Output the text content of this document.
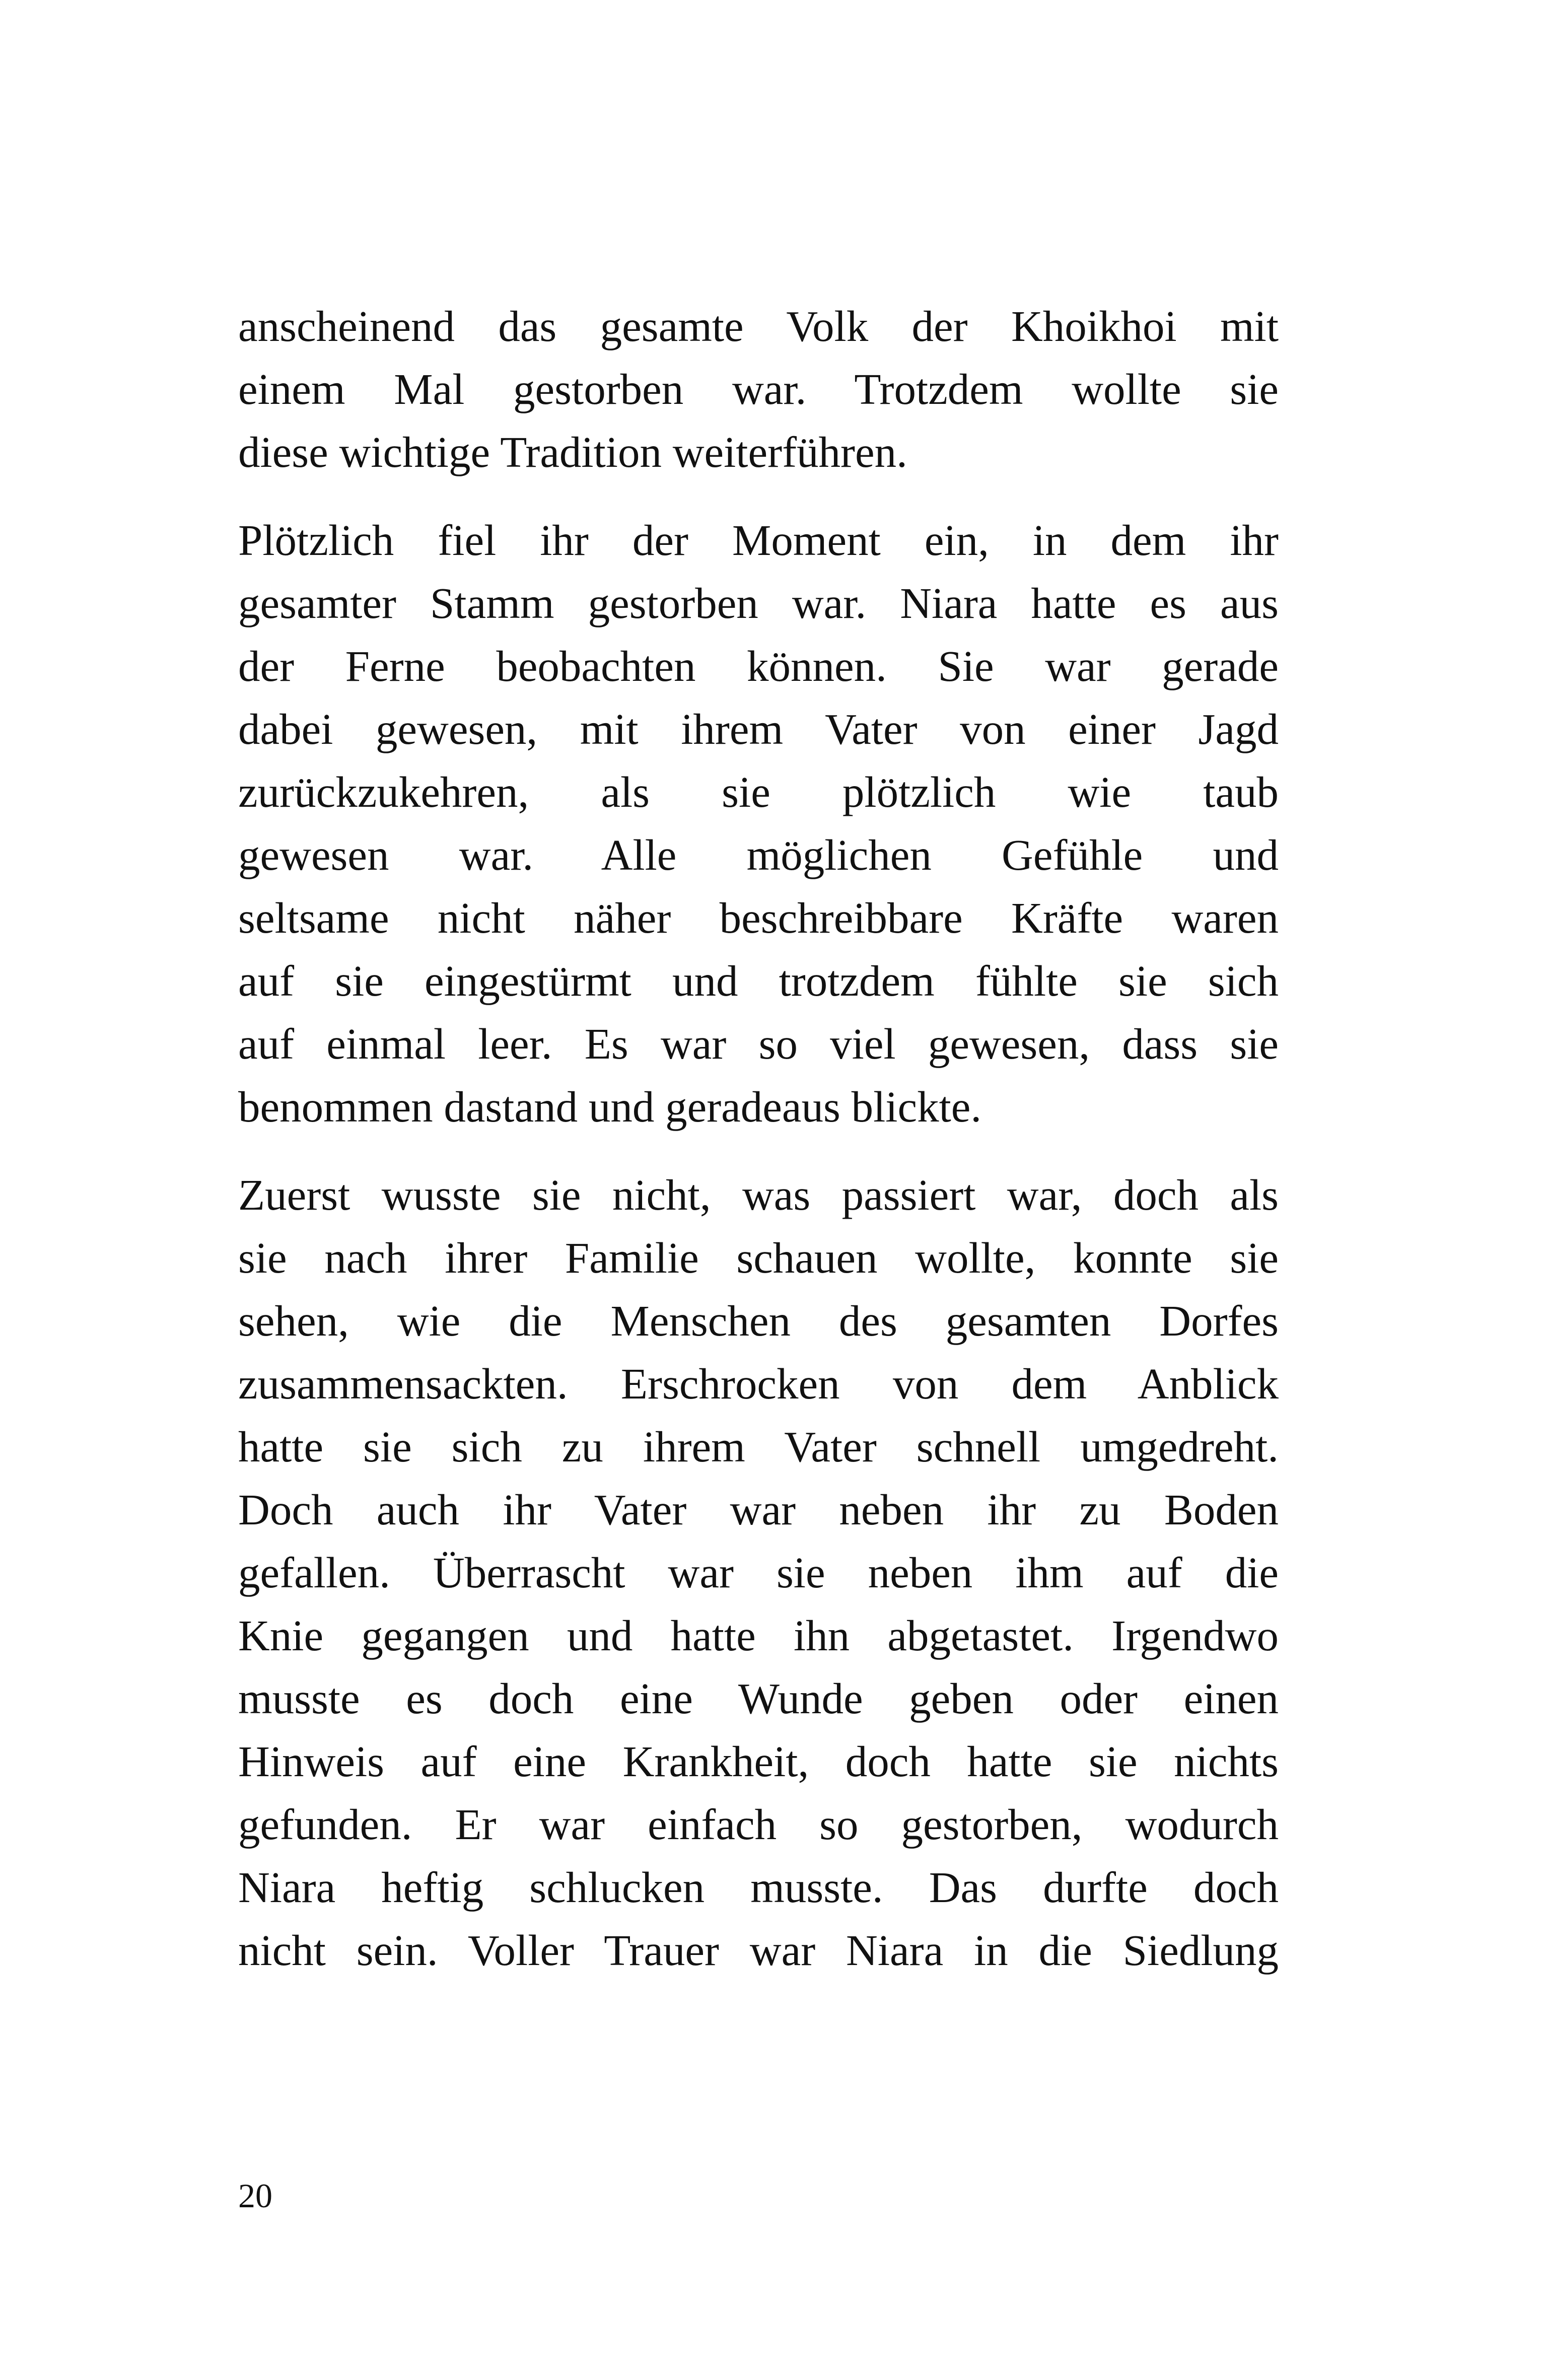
anscheinend das gesamte Volk der Khoikhoi mit
einem Mal gestorben war. Trotzdem wollte sie
diese wichtige Tradition weiterführen.

Plötzlich fiel ihr der Moment ein, in dem ihr
gesamter Stamm gestorben war. Niara hatte es aus
der Ferne beobachten können. Sie war gerade
dabei gewesen, mit ihrem Vater von einer Jagd
zurückzukehren, als sie plötzlich wie taub
gewesen war. Alle möglichen Gefühle und
seltsame nicht näher beschreibbare Kräfte waren
auf sie eingestürmt und trotzdem fühlte sie sich
auf einmal leer. Es war so viel gewesen, dass sie
benommen dastand und geradeaus blickte.

Zuerst wusste sie nicht, was passiert war, doch als
sie nach ihrer Familie schauen wollte, konnte sie
sehen, wie die Menschen des gesamten Dorfes
zusammensackten. Erschrocken von dem Anblick
hatte sie sich zu ihrem Vater schnell umgedreht.
Doch auch ihr Vater war neben ihr zu Boden
gefallen. Überrascht war sie neben ihm auf die
Knie gegangen und hatte ihn abgetastet. Irgendwo
musste es doch eine Wunde geben oder einen
Hinweis auf eine Krankheit, doch hatte sie nichts
gefunden. Er war einfach so gestorben, wodurch
Niara heftig schlucken musste. Das durfte doch
nicht sein. Voller Trauer war Niara in die Siedlung

20
